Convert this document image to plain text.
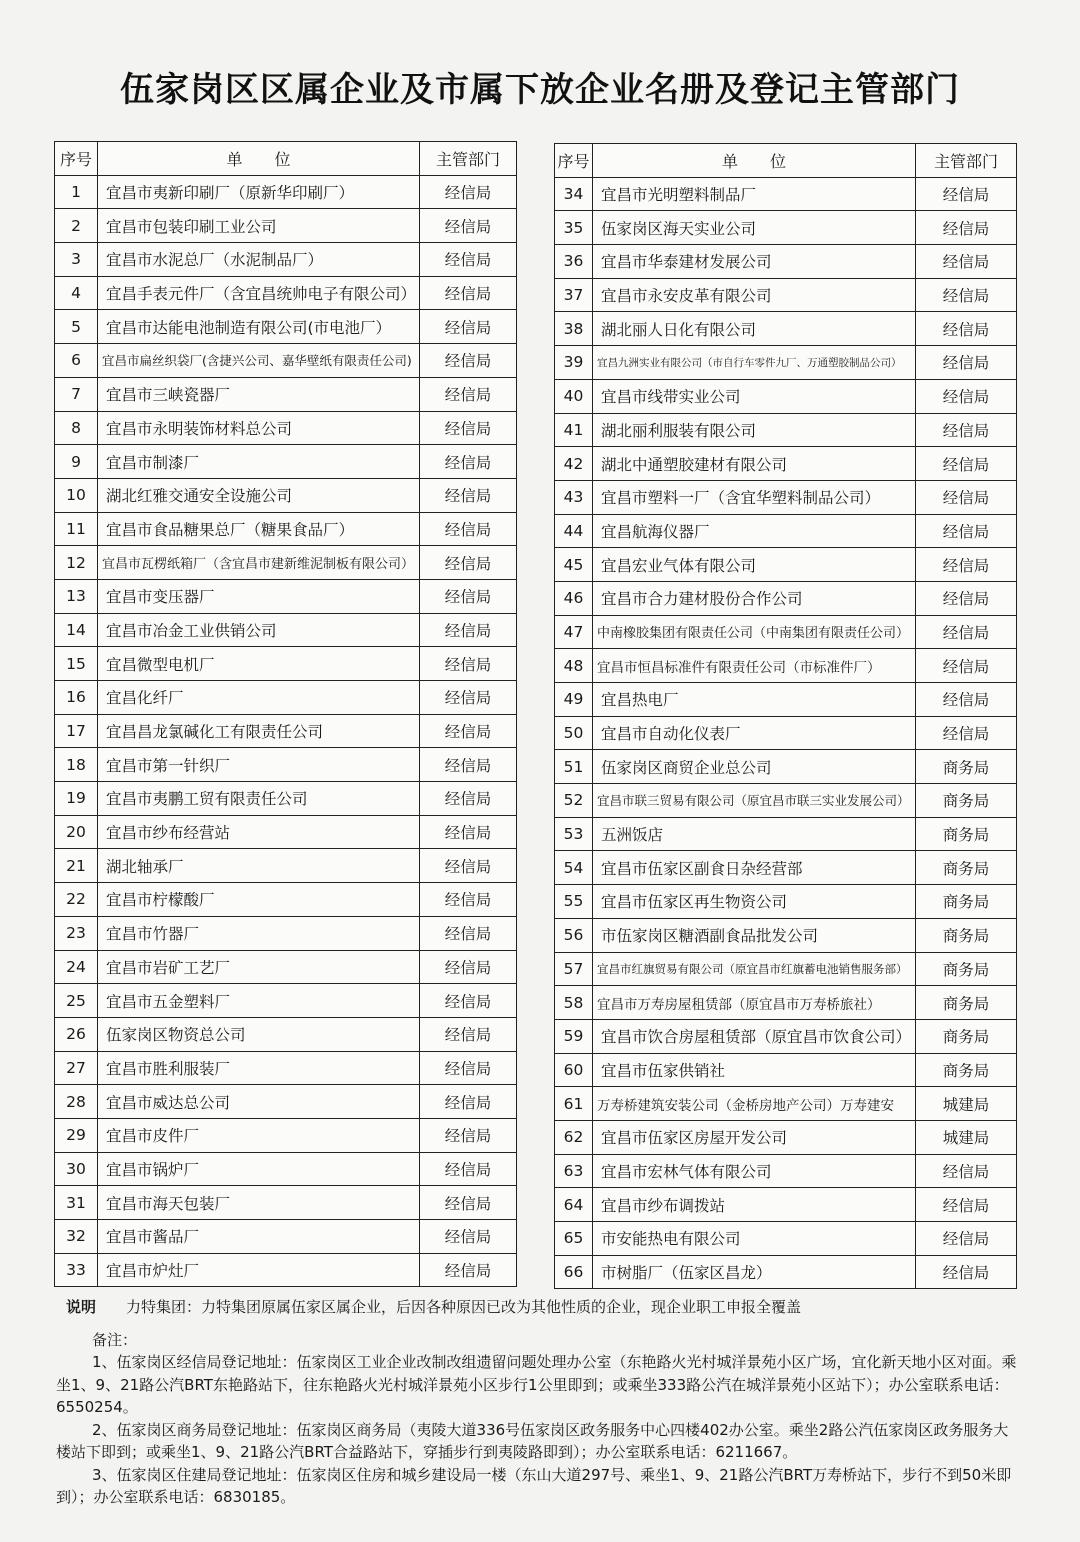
伍家岗区区属企业及市属下放企业名册及登记主管部门
序号	单　　位	主管部门
1	宜昌市夷新印刷厂（原新华印刷厂）	经信局
2	宜昌市包装印刷工业公司	经信局
3	宜昌市水泥总厂（水泥制品厂）	经信局
4	宜昌手表元件厂（含宜昌统帅电子有限公司）	经信局
5	宜昌市达能电池制造有限公司(市电池厂）	经信局
6	宜昌市扁丝织袋厂(含捷兴公司、嘉华壁纸有限责任公司)	经信局
7	宜昌市三峡瓷器厂	经信局
8	宜昌市永明装饰材料总公司	经信局
9	宜昌市制漆厂	经信局
10	湖北红雅交通安全设施公司	经信局
11	宜昌市食品糖果总厂（糖果食品厂）	经信局
12	宜昌市瓦楞纸箱厂（含宜昌市建新维泥制板有限公司）	经信局
13	宜昌市变压器厂	经信局
14	宜昌市冶金工业供销公司	经信局
15	宜昌微型电机厂	经信局
16	宜昌化纤厂	经信局
17	宜昌昌龙氯碱化工有限责任公司	经信局
18	宜昌市第一针织厂	经信局
19	宜昌市夷鹏工贸有限责任公司	经信局
20	宜昌市纱布经营站	经信局
21	湖北轴承厂	经信局
22	宜昌市柠檬酸厂	经信局
23	宜昌市竹器厂	经信局
24	宜昌市岩矿工艺厂	经信局
25	宜昌市五金塑料厂	经信局
26	伍家岗区物资总公司	经信局
27	宜昌市胜利服装厂	经信局
28	宜昌市威达总公司	经信局
29	宜昌市皮件厂	经信局
30	宜昌市锅炉厂	经信局
31	宜昌市海天包装厂	经信局
32	宜昌市酱品厂	经信局
33	宜昌市炉灶厂	经信局
序号	单　　位	主管部门
34	宜昌市光明塑料制品厂	经信局
35	伍家岗区海天实业公司	经信局
36	宜昌市华泰建材发展公司	经信局
37	宜昌市永安皮革有限公司	经信局
38	湖北丽人日化有限公司	经信局
39	宜昌九洲实业有限公司（市自行车零件九厂、万通塑胶制品公司）	经信局
40	宜昌市线带实业公司	经信局
41	湖北丽利服装有限公司	经信局
42	湖北中通塑胶建材有限公司	经信局
43	宜昌市塑料一厂（含宜华塑料制品公司）	经信局
44	宜昌航海仪器厂	经信局
45	宜昌宏业气体有限公司	经信局
46	宜昌市合力建材股份合作公司	经信局
47	中南橡胶集团有限责任公司（中南集团有限责任公司）	经信局
48	宜昌市恒昌标准件有限责任公司（市标准件厂）	经信局
49	宜昌热电厂	经信局
50	宜昌市自动化仪表厂	经信局
51	伍家岗区商贸企业总公司	商务局
52	宜昌市联三贸易有限公司（原宜昌市联三实业发展公司）	商务局
53	五洲饭店	商务局
54	宜昌市伍家区副食日杂经营部	商务局
55	宜昌市伍家区再生物资公司	商务局
56	市伍家岗区糖酒副食品批发公司	商务局
57	宜昌市红旗贸易有限公司（原宜昌市红旗蓄电池销售服务部）	商务局
58	宜昌市万寿房屋租赁部（原宜昌市万寿桥旅社）	商务局
59	宜昌市饮合房屋租赁部（原宜昌市饮食公司）	商务局
60	宜昌市伍家供销社	商务局
61	万寿桥建筑安装公司（金桥房地产公司）万寿建安	城建局
62	宜昌市伍家区房屋开发公司	城建局
63	宜昌市宏林气体有限公司	经信局
64	宜昌市纱布调拨站	经信局
65	市安能热电有限公司	经信局
66	市树脂厂（伍家区昌龙）	经信局
说明	力特集团：力特集团原属伍家区属企业，后因各种原因已改为其他性质的企业，现企业职工申报全覆盖
备注：

1、伍家岗区经信局登记地址：伍家岗区工业企业改制改组遗留问题处理办公室（东艳路火光村城洋景苑小区广场，宜化新天地小区对面。乘坐1、9、21路公汽BRT东艳路站下，往东艳路火光村城洋景苑小区步行1公里即到；或乘坐333路公汽在城洋景苑小区站下）；办公室联系电话：6550254。

2、伍家岗区商务局登记地址：伍家岗区商务局（夷陵大道336号伍家岗区政务服务中心四楼402办公室。乘坐2路公汽伍家岗区政务服务大楼站下即到；或乘坐1、9、21路公汽BRT合益路站下，穿插步行到夷陵路即到）；办公室联系电话：6211667。

3、伍家岗区住建局登记地址：伍家岗区住房和城乡建设局一楼（东山大道297号、乘坐1、9、21路公汽BRT万寿桥站下，步行不到50米即到）；办公室联系电话：6830185。
